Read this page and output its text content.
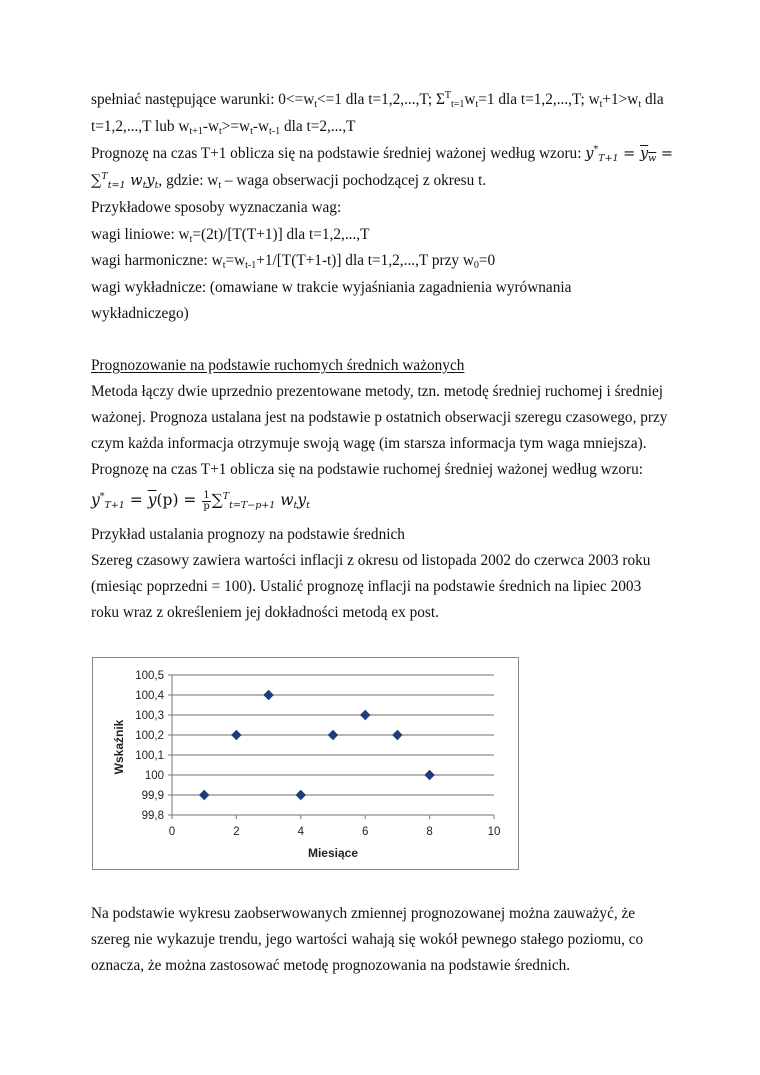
spełniać następujące warunki: $0<=w_t<=1$ dla t=1,2,...,T; $\Sigma^T_{t=1}w_t=1$ dla t=1,2,...,T; $w_t+1>w_t$ dla
t=1,2,...,T lub $w_{t+1}-w_t>=w_t-w_{t-1}$ dla t=2,...,T
Prognozę na czas T+1 oblicza się na podstawie średniej ważonej według wzoru: $y^*_{T+1} = y_w$ =
∑$^T_{t=1}$ $w_ty_t$, gdzie: $w_t$ – waga obserwacji pochodzącej z okresu t.
Przykładowe sposoby wyznaczania wag:
wagi liniowe: $w_t=(2t)/[T(T+1)]$ dla t=1,2,...,T
wagi harmoniczne: $w_t=w_{t-1}+1/[T(T+1-t)]$ dla t=1,2,...,T przy $w_0=0$
wagi wykładnicze: (omawiane w trakcie wyjaśniania zagadnienia wyrównania
wykładniczego)
Prognozowanie na podstawie ruchomych średnich ważonych
Metoda łączy dwie uprzednio prezentowane metody, tzn. metodę średniej ruchomej i średniej
ważonej. Prognoza ustalana jest na podstawie p ostatnich obserwacji szeregu czasowego, przy
czym każda informacja otrzymuje swoją wagę (im starsza informacja tym waga mniejsza).
Prognozę na czas T+1 oblicza się na podstawie ruchomej średniej ważonej według wzoru:
$y^*_{T+1} = \overline{y}(p) = \frac{1}{p} \sum^T_{t=T-p+1}$ $w_ty_t$
Przykład ustalania prognozy na podstawie średnich
Szereg czasowy zawiera wartości inflacji z okresu od listopada 2002 do czerwca 2003 roku
(miesiąc poprzedni = 100). Ustalić prognozę inflacji na podstawie średnich na lipiec 2003
roku wraz z określeniem jej dokładności metodą ex post.
99,8
99,9
100
100,1
100,2
100,3
100,4
100,5
0	2	4	6	8	10
Miesiące
Wskaźnik
Na podstawie wykresu zaobserwowanych zmiennej prognozowanej można zauważyć, że
szereg nie wykazuje trendu, jego wartości wahają się wokół pewnego stałego poziomu, co
oznacza, że można zastosować metodę prognozowania na podstawie średnich.
